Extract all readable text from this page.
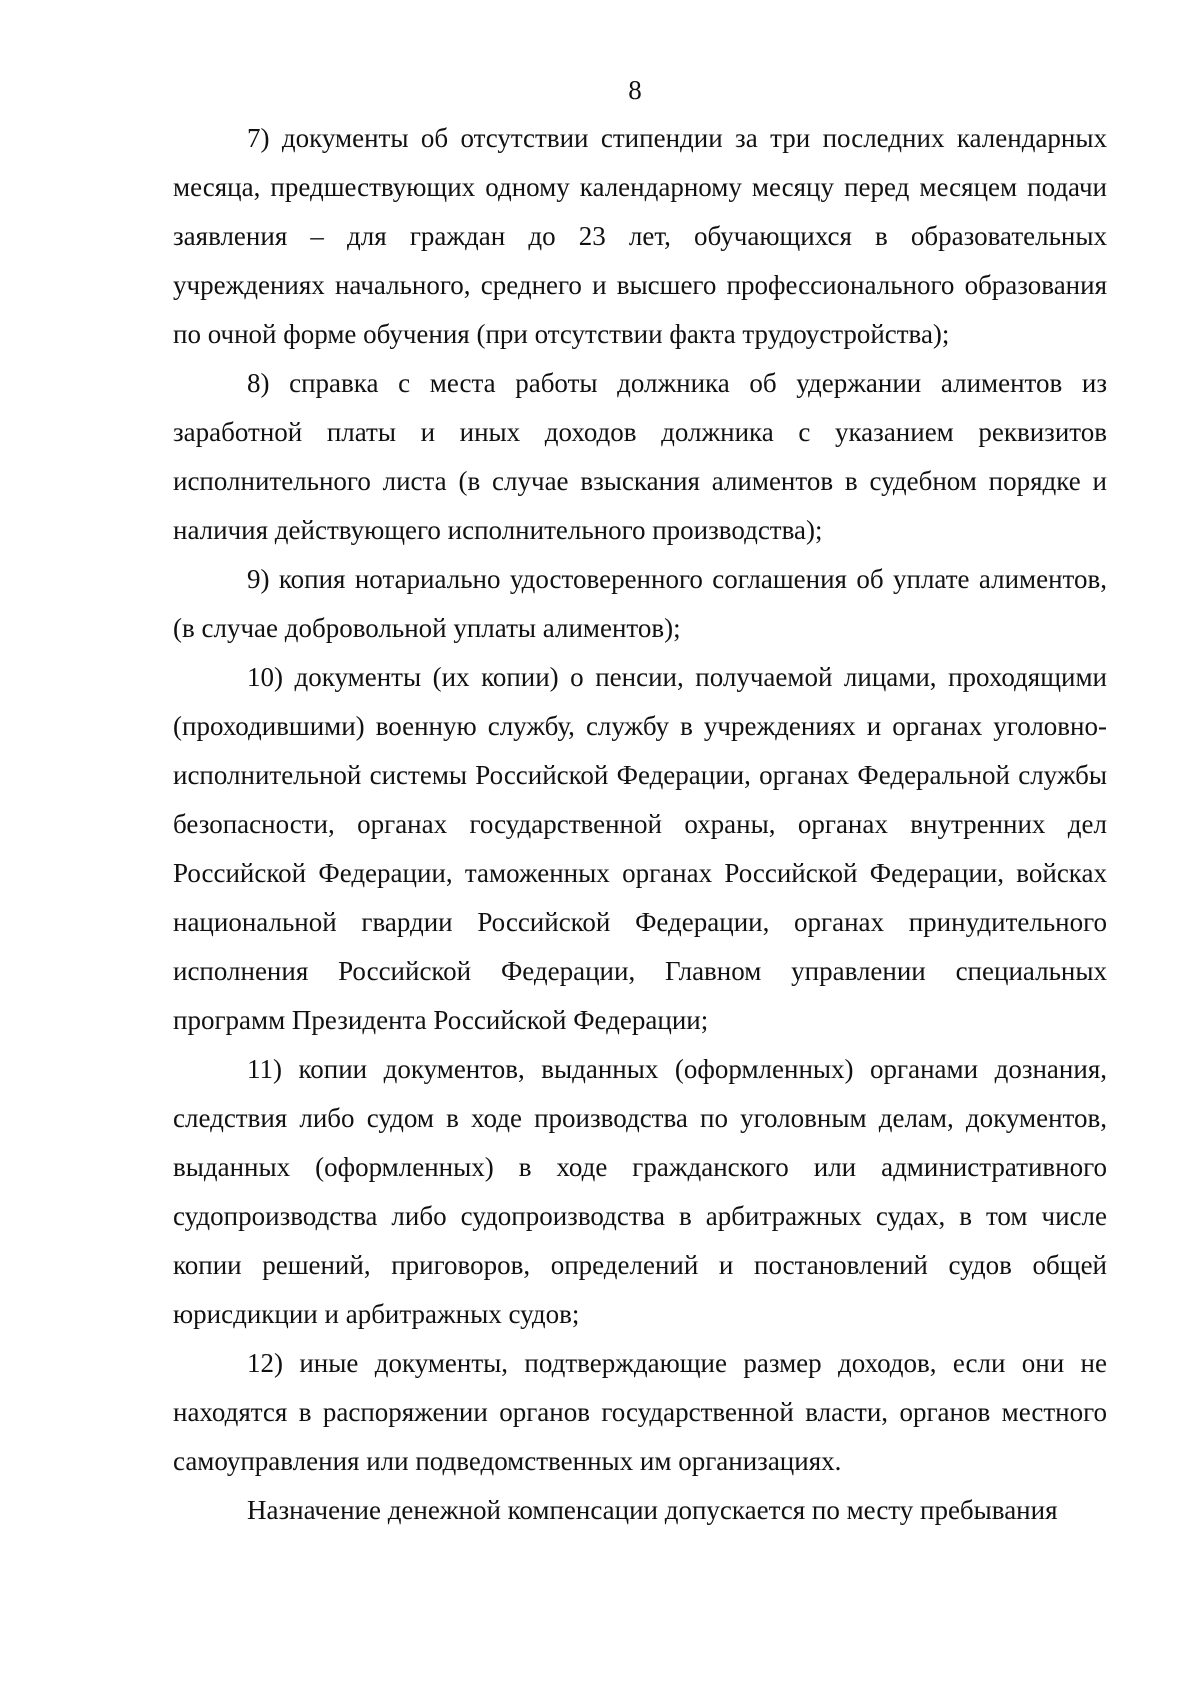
8

7) документы об отсутствии стипендии за три последних календарных месяца, предшествующих одному календарному месяцу перед месяцем подачи заявления – для граждан до 23 лет, обучающихся в образовательных учреждениях начального, среднего и высшего профессионального образования по очной форме обучения (при отсутствии факта трудоустройства);

8) справка с места работы должника об удержании алиментов из заработной платы и иных доходов должника с указанием реквизитов исполнительного листа (в случае взыскания алиментов в судебном порядке и наличия действующего исполнительного производства);

9) копия нотариально удостоверенного соглашения об уплате алиментов, (в случае добровольной уплаты алиментов);

10) документы (их копии) о пенсии, получаемой лицами, проходящими (проходившими) военную службу, службу в учреждениях и органах уголовно-исполнительной системы Российской Федерации, органах Федеральной службы безопасности, органах государственной охраны, органах внутренних дел Российской Федерации, таможенных органах Российской Федерации, войсках национальной гвардии Российской Федерации, органах принудительного исполнения Российской Федерации, Главном управлении специальных программ Президента Российской Федерации;

11) копии документов, выданных (оформленных) органами дознания, следствия либо судом в ходе производства по уголовным делам, документов, выданных (оформленных) в ходе гражданского или административного судопроизводства либо судопроизводства в арбитражных судах, в том числе копии решений, приговоров, определений и постановлений судов общей юрисдикции и арбитражных судов;

12) иные документы, подтверждающие размер доходов, если они не находятся в распоряжении органов государственной власти, органов местного самоуправления или подведомственных им организациях.

Назначение денежной компенсации допускается по месту пребывания
